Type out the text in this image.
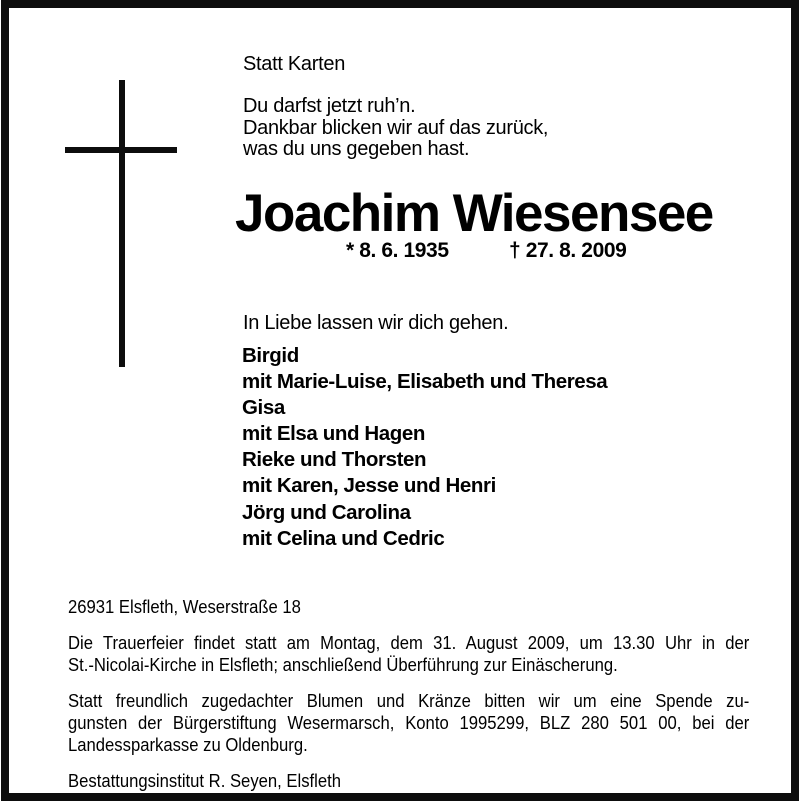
Statt Karten
Du darfst jetzt ruh’n.
Dankbar blicken wir auf das zurück,
was du uns gegeben hast.
Joachim Wiesensee
* 8. 6. 1935	† 27. 8. 2009
In Liebe lassen wir dich gehen.
Birgid
mit Marie-Luise, Elisabeth und Theresa
Gisa
mit Elsa und Hagen
Rieke und Thorsten
mit Karen, Jesse und Henri
Jörg und Carolina
mit Celina und Cedric
26931 Elsfleth, Weserstraße 18
Die Trauerfeier findet statt am Montag, dem 31. August 2009, um 13.30 Uhr in der
St.-Nicolai-Kirche in Elsfleth; anschließend Überführung zur Einäscherung.
Statt freundlich zugedachter Blumen und Kränze bitten wir um eine Spende zu-
gunsten der Bürgerstiftung Wesermarsch, Konto 1995299, BLZ 280 501 00, bei der
Landessparkasse zu Oldenburg.
Bestattungsinstitut R. Seyen, Elsfleth
